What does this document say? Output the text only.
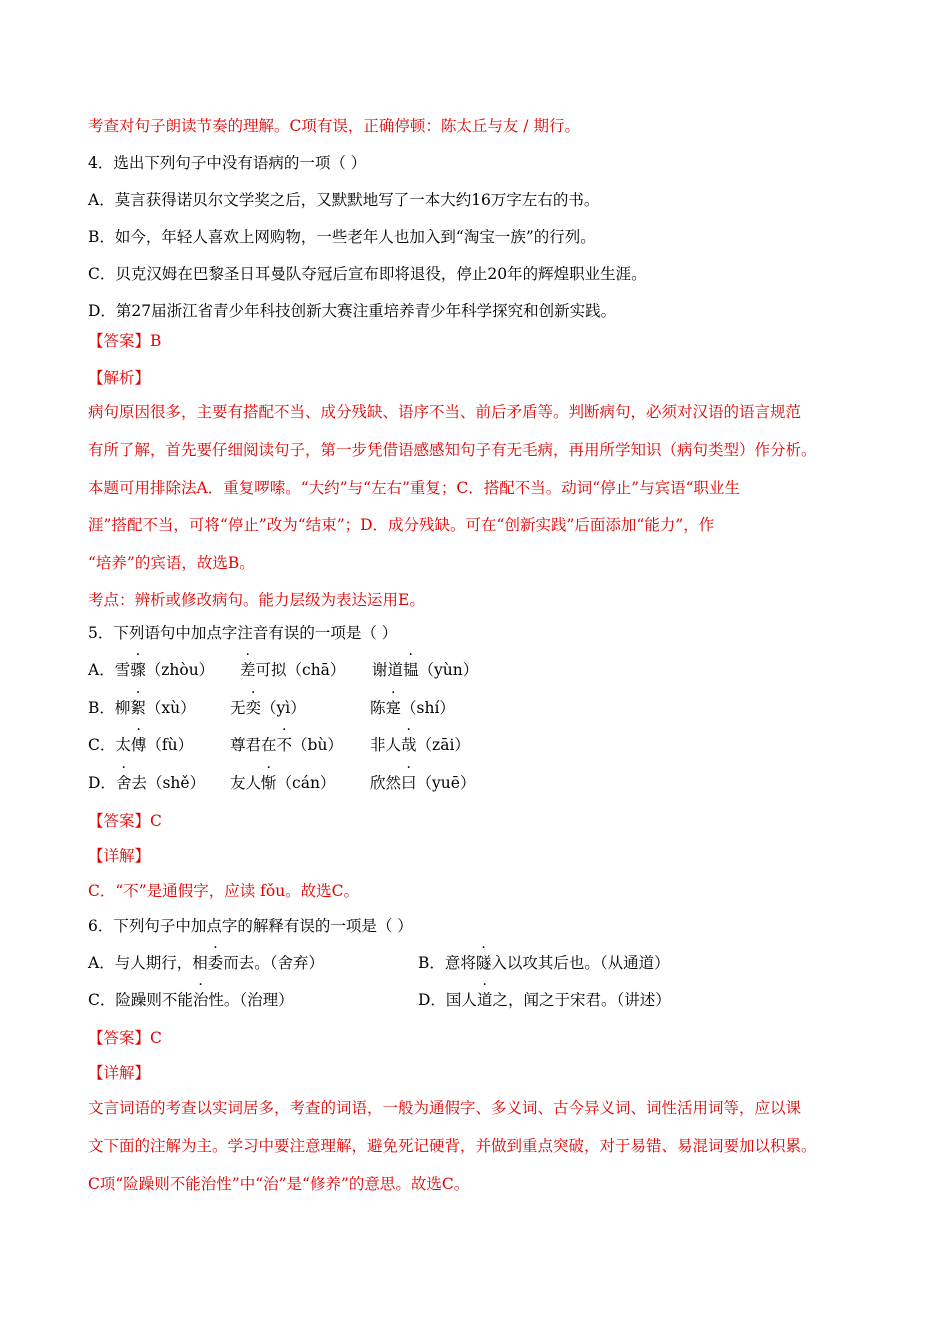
考查对句子朗读节奏的理解。C项有误，正确停顿：陈太丘与友 / 期行。
4．选出下列句子中没有语病的一项（ ）
A．莫言获得诺贝尔文学奖之后，又默默地写了一本大约16万字左右的书。
B．如今，年轻人喜欢上网购物，一些老年人也加入到“淘宝一族”的行列。
C．贝克汉姆在巴黎圣日耳曼队夺冠后宣布即将退役，停止20年的辉煌职业生涯。
D．第27届浙江省青少年科技创新大赛注重培养青少年科学探究和创新实践。
【答案】B
【解析】
病句原因很多，主要有搭配不当、成分残缺、语序不当、前后矛盾等。判断病句，必须对汉语的语言规范
有所了解，首先要仔细阅读句子，第一步凭借语感感知句子有无毛病，再用所学知识（病句类型）作分析。
本题可用排除法A．重复啰嗦。“大约”与“左右”重复；C．搭配不当。动词“停止”与宾语“职业生
涯”搭配不当，可将“停止”改为“结束”；D．成分残缺。可在“创新实践”后面添加“能力”，作
“培养”的宾语，故选B。
考点：辨析或修改病句。能力层级为表达运用E。
5．下列语句中加点字注音有误的一项是（ ）
A．雪骤（zhòu） 差可拟（chā） 谢道韫（yùn）
B．柳絮（xù） 无奕（yì）	陈寔（shí）
C．太傅（fù） 尊君在不（bù） 非人哉（zāi）
D．舍去（shě） 友人惭（cán） 欣然曰（yuē）
【答案】C
【详解】
C．“不”是通假字，应读 fǒu。故选C。
6．下列句子中加点字的解释有误的一项是（ ）
A．与人期行，相委而去。（舍弃）	B．意将隧入以攻其后也。（从通道）
C．险躁则不能治性。（治理）	D．国人道之，闻之于宋君。（讲述）
【答案】C
【详解】
文言词语的考查以实词居多，考查的词语，一般为通假字、多义词、古今异义词、词性活用词等，应以课
文下面的注解为主。学习中要注意理解，避免死记硬背，并做到重点突破，对于易错、易混词要加以积累。
C项“险躁则不能治性”中“治”是“修养”的意思。故选C。
